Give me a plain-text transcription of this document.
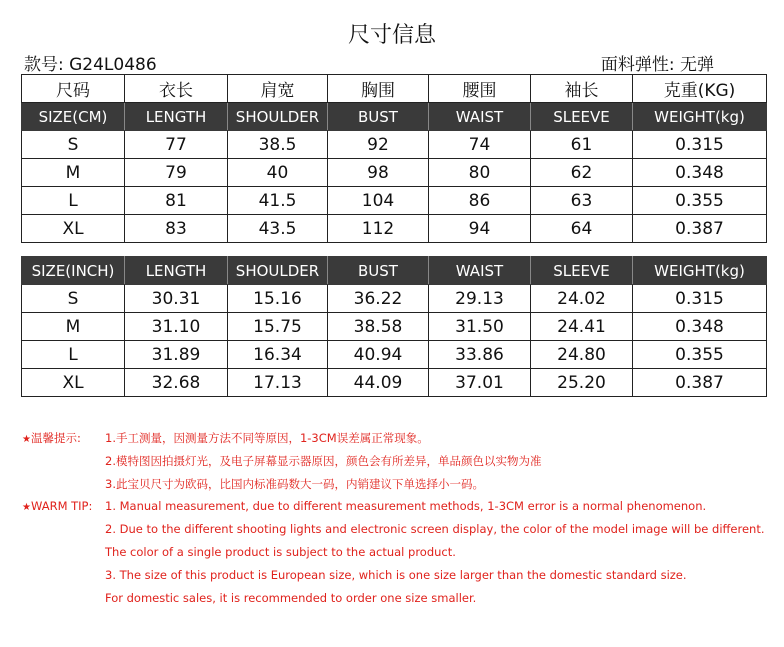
尺寸信息
款号: G24L0486	面料弹性: 无弹
尺码	衣长	肩宽	胸围	腰围	袖长	克重(KG)
SIZE(CM)	LENGTH	SHOULDER	BUST	WAIST	SLEEVE	WEIGHT(kg)
S	77	38.5	92	74	61	0.315
M	79	40	98	80	62	0.348
L	81	41.5	104	86	63	0.355
XL	83	43.5	112	94	64	0.387
SIZE(INCH)	LENGTH	SHOULDER	BUST	WAIST	SLEEVE	WEIGHT(kg)
S	30.31	15.16	36.22	29.13	24.02	0.315
M	31.10	15.75	38.58	31.50	24.41	0.348
L	31.89	16.34	40.94	33.86	24.80	0.355
XL	32.68	17.13	44.09	37.01	25.20	0.387
★温馨提示: 1.手工测量，因测量方法不同等原因，1-3CM误差属正常现象。
2.模特图因拍摄灯光，及电子屏幕显示器原因，颜色会有所差异，单品颜色以实物为准
3.此宝贝尺寸为欧码，比国内标准码数大一码，内销建议下单选择小一码。
★WARM TIP: 1. Manual measurement, due to different measurement methods, 1-3CM error is a normal phenomenon.
2. Due to the different shooting lights and electronic screen display, the color of the model image will be different.
The color of a single product is subject to the actual product.
3. The size of this product is European size, which is one size larger than the domestic standard size.
For domestic sales, it is recommended to order one size smaller.
